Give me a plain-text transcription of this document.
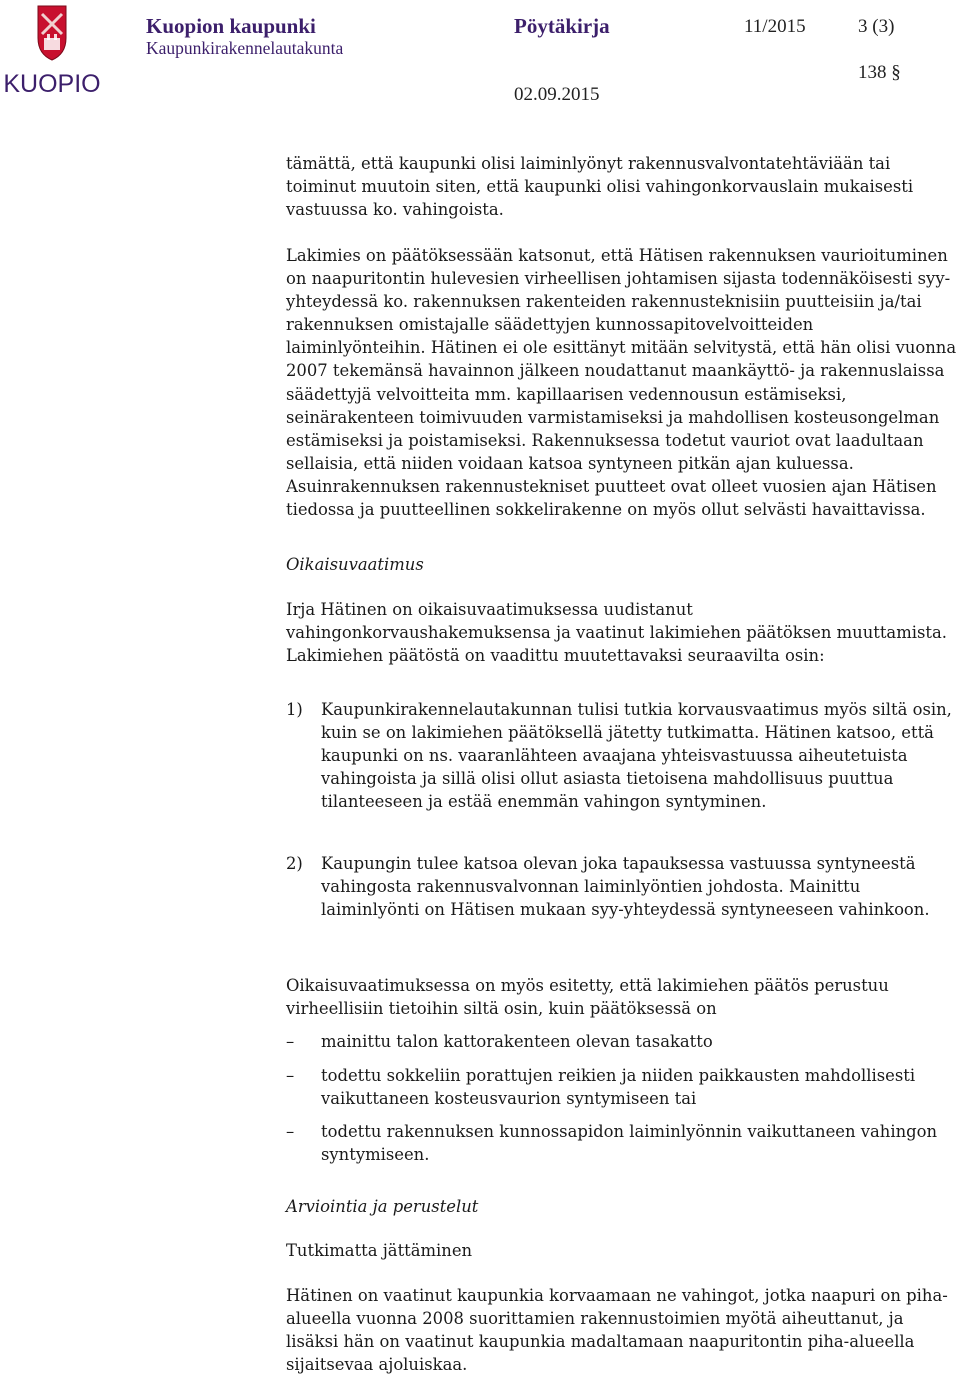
KUOPIO
Kuopion kaupunki
Kaupunkirakennelautakunta
Pöytäkirja	11/2015	3 (3)
138 §
02.09.2015

tämättä, että kaupunki olisi laiminlyönyt rakennusvalvontatehtäviään tai toiminut muutoin siten, että kaupunki olisi vahingonkorvauslain mukaisesti vastuussa ko. vahingoista.

Lakimies on päätöksessään katsonut, että Hätisen rakennuksen vaurioituminen on naapuritontin hulevesien virheellisen johtamisen sijasta todennäköisesti syy-yhteydessä ko. rakennuksen rakenteiden rakennusteknisiin puutteisiin ja/tai rakennuksen omistajalle säädettyjen kunnossapitovelvoitteiden laiminlyönteihin. Hätinen ei ole esittänyt mitään selvitystä, että hän olisi vuonna 2007 tekemänsä havainnon jälkeen noudattanut maankäyttö- ja rakennuslaissa säädettyjä velvoitteita mm. kapillaarisen vedennousun estämiseksi, seinärakenteen toimivuuden varmistamiseksi ja mahdollisen kosteusongelman estämiseksi ja poistamiseksi. Rakennuksessa todetut vauriot ovat laadultaan sellaisia, että niiden voidaan katsoa syntyneen pitkän ajan kuluessa. Asuinrakennuksen rakennustekniset puutteet ovat olleet vuosien ajan Hätisen tiedossa ja puutteellinen sokkelirakenne on myös ollut selvästi havaittavissa.

Oikaisuvaatimus

Irja Hätinen on oikaisuvaatimuksessa uudistanut vahingonkorvaushakemuksensa ja vaatinut lakimiehen päätöksen muuttamista. Lakimiehen päätöstä on vaadittu muutettavaksi seuraavilta osin:

1) Kaupunkirakennelautakunnan tulisi tutkia korvausvaatimus myös siltä osin, kuin se on lakimiehen päätöksellä jätetty tutkimatta. Hätinen katsoo, että kaupunki on ns. vaaranlähteen avaajana yhteisvastuussa aiheutetuista vahingoista ja sillä olisi ollut asiasta tietoisena mahdollisuus puuttua tilanteeseen ja estää enemmän vahingon syntyminen.
2) Kaupungin tulee katsoa olevan joka tapauksessa vastuussa syntyneestä vahingosta rakennusvalvonnan laiminlyöntien johdosta. Mainittu laiminlyönti on Hätisen mukaan syy-yhteydessä syntyneeseen vahinkoon.

Oikaisuvaatimuksessa on myös esitetty, että lakimiehen päätös perustuu virheellisiin tietoihin siltä osin, kuin päätöksessä on

– mainittu talon kattorakenteen olevan tasakatto
– todettu sokkeliin porattujen reikien ja niiden paikkausten mahdollisesti vaikuttaneen kosteusvaurion syntymiseen tai
– todettu rakennuksen kunnossapidon laiminlyönnin vaikuttaneen vahingon syntymiseen.

Arviointia ja perustelut

Tutkimatta jättäminen

Hätinen on vaatinut kaupunkia korvaamaan ne vahingot, jotka naapuri on piha-alueella vuonna 2008 suorittamien rakennustoimien myötä aiheuttanut, ja lisäksi hän on vaatinut kaupunkia madaltamaan naapuritontin piha-alueella sijaitsevaa ajoluiskaa.
